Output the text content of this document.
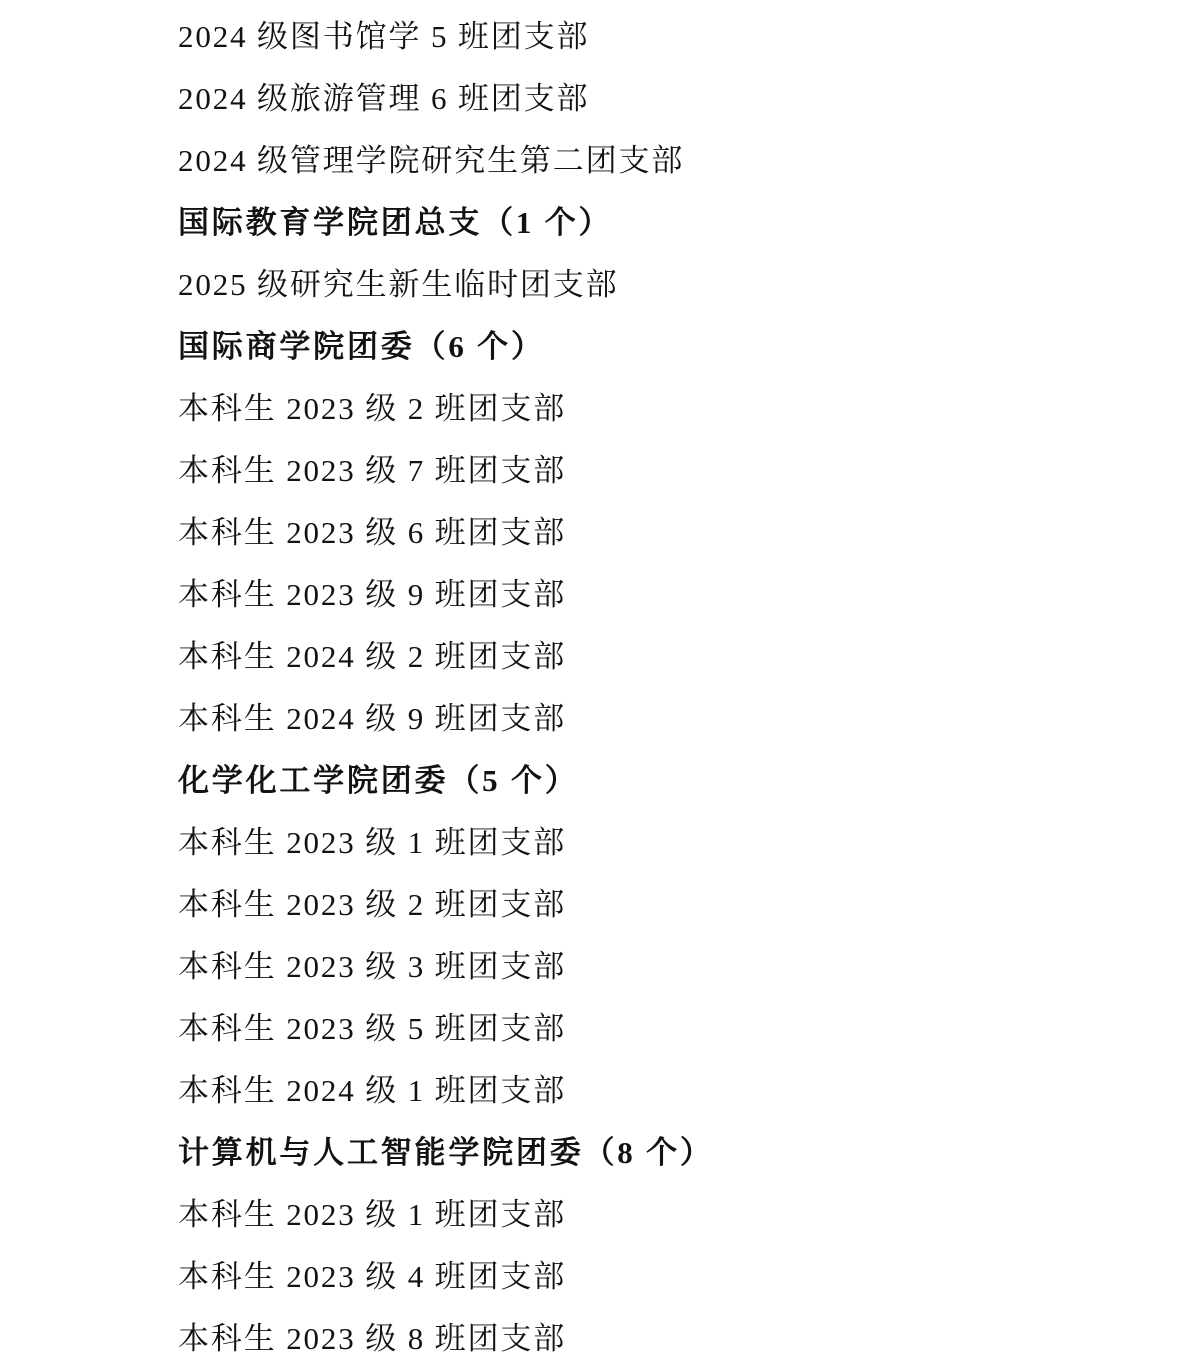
2024 级图书馆学 5 班团支部
2024 级旅游管理 6 班团支部
2024 级管理学院研究生第二团支部
国际教育学院团总支（1 个）
2025 级研究生新生临时团支部
国际商学院团委（6 个）
本科生 2023 级 2 班团支部
本科生 2023 级 7 班团支部
本科生 2023 级 6 班团支部
本科生 2023 级 9 班团支部
本科生 2024 级 2 班团支部
本科生 2024 级 9 班团支部
化学化工学院团委（5 个）
本科生 2023 级 1 班团支部
本科生 2023 级 2 班团支部
本科生 2023 级 3 班团支部
本科生 2023 级 5 班团支部
本科生 2024 级 1 班团支部
计算机与人工智能学院团委（8 个）
本科生 2023 级 1 班团支部
本科生 2023 级 4 班团支部
本科生 2023 级 8 班团支部
